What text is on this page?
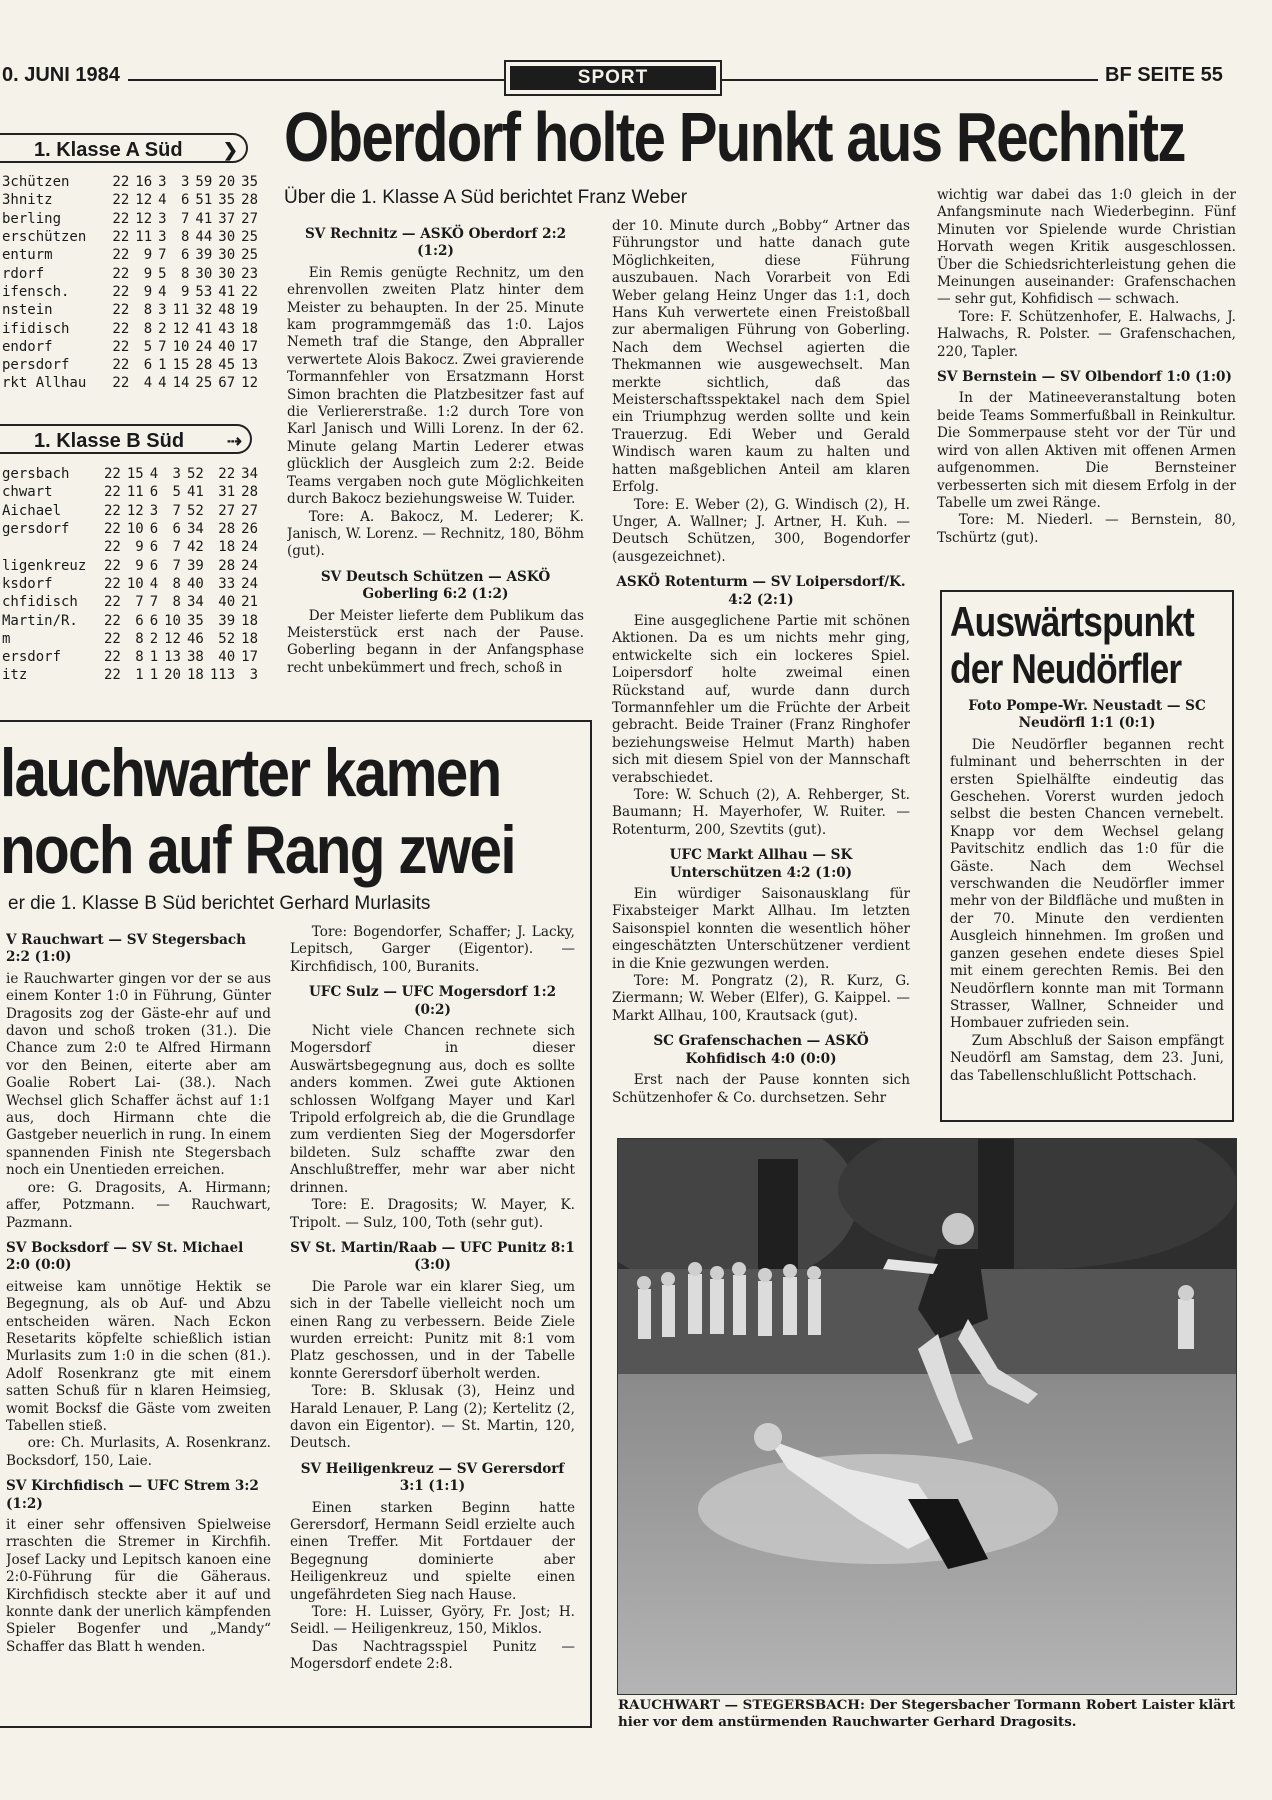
0. JUNI 1984	SPORT	BF SEITE 55
1. Klasse A Süd ❯
3chützen	22	16	3	3	59	20	35
3hnitz	22	12	4	6	51	35	28
berling	22	12	3	7	41	37	27
erschützen	22	11	3	8	44	30	25
enturm	22	9	7	6	39	30	25
rdorf	22	9	5	8	30	30	23
ifensch.	22	9	4	9	53	41	22
nstein	22	8	3	11	32	48	19
ifidisch	22	8	2	12	41	43	18
endorf	22	5	7	10	24	40	17
persdorf	22	6	1	15	28	45	13
rkt Allhau	22	4	4	14	25	67	12
1. Klasse B Süd ⇢
gersbach	22	15	4	3	52	22	34
chwart	22	11	6	5	41	31	28
Aichael	22	12	3	7	52	27	27
gersdorf	22	10	6	6	34	28	26
	22	9	6	7	42	18	24
ligenkreuz	22	9	6	7	39	28	24
ksdorf	22	10	4	8	40	33	24
chfidisch	22	7	7	8	34	40	21
Martin/R.	22	6	6	10	35	39	18
m	22	8	2	12	46	52	18
ersdorf	22	8	1	13	38	40	17
itz	22	1	1	20	18	113	3
Oberdorf holte Punkt aus Rechnitz
Über die 1. Klasse A Süd berichtet Franz Weber

SV Rechnitz — ASKÖ Oberdorf 2:2 (1:2)

Ein Remis genügte Rechnitz, um den ehrenvollen zweiten Platz hinter dem Meister zu behaupten. In der 25. Minute kam programmgemäß das 1:0. Lajos Nemeth traf die Stange, den Abpraller verwertete Alois Bakocz. Zwei gravierende Tormannfehler von Ersatzmann Horst Simon brachten die Platzbesitzer fast auf die Verliererstraße. 1:2 durch Tore von Karl Janisch und Willi Lorenz. In der 62. Minute gelang Martin Lederer etwas glücklich der Ausgleich zum 2:2. Beide Teams vergaben noch gute Möglichkeiten durch Bakocz beziehungsweise W. Tuider.

Tore: A. Bakocz, M. Lederer; K. Janisch, W. Lorenz. — Rechnitz, 180, Böhm (gut).

SV Deutsch Schützen — ASKÖ Goberling 6:2 (1:2)

Der Meister lieferte dem Publikum das Meisterstück erst nach der Pause. Goberling begann in der Anfangsphase recht unbekümmert und frech, schoß in

der 10. Minute durch „Bobby“ Artner das Führungstor und hatte danach gute Möglichkeiten, diese Führung auszubauen. Nach Vorarbeit von Edi Weber gelang Heinz Unger das 1:1, doch Hans Kuh verwertete einen Freistoßball zur abermaligen Führung von Goberling. Nach dem Wechsel agierten die Thekmannen wie ausgewechselt. Man merkte sichtlich, daß das Meisterschaftsspektakel nach dem Spiel ein Triumphzug werden sollte und kein Trauerzug. Edi Weber und Gerald Windisch waren kaum zu halten und hatten maßgeblichen Anteil am klaren Erfolg.

Tore: E. Weber (2), G. Windisch (2), H. Unger, A. Wallner; J. Artner, H. Kuh. — Deutsch Schützen, 300, Bogendorfer (ausgezeichnet).

ASKÖ Rotenturm — SV Loipersdorf/K. 4:2 (2:1)

Eine ausgeglichene Partie mit schönen Aktionen. Da es um nichts mehr ging, entwickelte sich ein lockeres Spiel. Loipersdorf holte zweimal einen Rückstand auf, wurde dann durch Tormannfehler um die Früchte der Arbeit gebracht. Beide Trainer (Franz Ringhofer beziehungsweise Helmut Marth) haben sich mit diesem Spiel von der Mannschaft verabschiedet.

Tore: W. Schuch (2), A. Rehberger, St. Baumann; H. Mayerhofer, W. Ruiter. — Rotenturm, 200, Szevtits (gut).

UFC Markt Allhau — SK Unterschützen 4:2 (1:0)

Ein würdiger Saisonausklang für Fixabsteiger Markt Allhau. Im letzten Saisonspiel konnten die wesentlich höher eingeschätzten Unterschützener verdient in die Knie gezwungen werden.

Tore: M. Pongratz (2), R. Kurz, G. Ziermann; W. Weber (Elfer), G. Kaippel. — Markt Allhau, 100, Krautsack (gut).

SC Grafenschachen — ASKÖ Kohfidisch 4:0 (0:0)

Erst nach der Pause konnten sich Schützenhofer & Co. durchsetzen. Sehr

wichtig war dabei das 1:0 gleich in der Anfangsminute nach Wiederbeginn. Fünf Minuten vor Spielende wurde Christian Horvath wegen Kritik ausgeschlossen. Über die Schiedsrichterleistung gehen die Meinungen auseinander: Grafenschachen — sehr gut, Kohfidisch — schwach.

Tore: F. Schützenhofer, E. Halwachs, J. Halwachs, R. Polster. — Grafenschachen, 220, Tapler.

SV Bernstein — SV Olbendorf 1:0 (1:0)

In der Matineeveranstaltung boten beide Teams Sommerfußball in Reinkultur. Die Sommerpause steht vor der Tür und wird von allen Aktiven mit offenen Armen aufgenommen. Die Bernsteiner verbesserten sich mit diesem Erfolg in der Tabelle um zwei Ränge.

Tore: M. Niederl. — Bernstein, 80, Tschürtz (gut).

lauchwarter kamen
noch auf Rang zwei
er die 1. Klasse B Süd berichtet Gerhard Murlasits

V Rauchwart — SV Stegersbach 2:2 (1:0)

ie Rauchwarter gingen vor der se aus einem Konter 1:0 in Führung, Günter Dragosits zog der Gäste-ehr auf und davon und schoß troken (31.). Die Chance zum 2:0 te Alfred Hirmann vor den Beinen, eiterte aber am Goalie Robert Lai- (38.). Nach Wechsel glich Schaffer ächst auf 1:1 aus, doch Hirmann chte die Gastgeber neuerlich in rung. In einem spannenden Finish nte Stegersbach noch ein Unentieden erreichen.

ore: G. Dragosits, A. Hirmann; affer, Potzmann. — Rauchwart, Pazmann.

SV Bocksdorf — SV St. Michael 2:0 (0:0)

eitweise kam unnötige Hektik se Begegnung, als ob Auf- und Abzu entscheiden wären. Nach Eckon Resetarits köpfelte schießlich istian Murlasits zum 1:0 in die schen (81.). Adolf Rosenkranz gte mit einem satten Schuß für n klaren Heimsieg, womit Bocksf die Gäste vom zweiten Tabellen stieß.

ore: Ch. Murlasits, A. Rosenkranz. Bocksdorf, 150, Laie.

SV Kirchfidisch — UFC Strem 3:2 (1:2)

it einer sehr offensiven Spielweise rraschten die Stremer in Kirchfih. Josef Lacky und Lepitsch kanoen eine 2:0-Führung für die Gäheraus. Kirchfidisch steckte aber it auf und konnte dank der unerlich kämpfenden Spieler Bogenfer und „Mandy“ Schaffer das Blatt h wenden.

Tore: Bogendorfer, Schaffer; J. Lacky, Lepitsch, Garger (Eigentor). — Kirchfidisch, 100, Buranits.

UFC Sulz — UFC Mogersdorf 1:2 (0:2)

Nicht viele Chancen rechnete sich Mogersdorf in dieser Auswärtsbegegnung aus, doch es sollte anders kommen. Zwei gute Aktionen schlossen Wolfgang Mayer und Karl Tripold erfolgreich ab, die die Grundlage zum verdienten Sieg der Mogersdorfer bildeten. Sulz schaffte zwar den Anschlußtreffer, mehr war aber nicht drinnen.

Tore: E. Dragosits; W. Mayer, K. Tripolt. — Sulz, 100, Toth (sehr gut).

SV St. Martin/Raab — UFC Punitz 8:1 (3:0)

Die Parole war ein klarer Sieg, um sich in der Tabelle vielleicht noch um einen Rang zu verbessern. Beide Ziele wurden erreicht: Punitz mit 8:1 vom Platz geschossen, und in der Tabelle konnte Gerersdorf überholt werden.

Tore: B. Sklusak (3), Heinz und Harald Lenauer, P. Lang (2); Kertelitz (2, davon ein Eigentor). — St. Martin, 120, Deutsch.

SV Heiligenkreuz — SV Gerersdorf 3:1 (1:1)

Einen starken Beginn hatte Gerersdorf, Hermann Seidl erzielte auch einen Treffer. Mit Fortdauer der Begegnung dominierte aber Heiligenkreuz und spielte einen ungefährdeten Sieg nach Hause.

Tore: H. Luisser, Györy, Fr. Jost; H. Seidl. — Heiligenkreuz, 150, Miklos.

Das Nachtragsspiel Punitz — Mogersdorf endete 2:8.

Auswärtspunkt
der Neudörfler

Foto Pompe-Wr. Neustadt — SC Neudörfl 1:1 (0:1)

Die Neudörfler begannen recht fulminant und beherrschten in der ersten Spielhälfte eindeutig das Geschehen. Vorerst wurden jedoch selbst die besten Chancen vernebelt. Knapp vor dem Wechsel gelang Pavitschitz endlich das 1:0 für die Gäste. Nach dem Wechsel verschwanden die Neudörfler immer mehr von der Bildfläche und mußten in der 70. Minute den verdienten Ausgleich hinnehmen. Im großen und ganzen gesehen endete dieses Spiel mit einem gerechten Remis. Bei den Neudörflern konnte man mit Tormann Strasser, Wallner, Schneider und Hombauer zufrieden sein.

Zum Abschluß der Saison empfängt Neudörfl am Samstag, dem 23. Juni, das Tabellenschlußlicht Pottschach.

RAUCHWART — STEGERSBACH: Der Stegersbacher Tormann Robert Laister klärt hier vor dem anstürmenden Rauchwarter Gerhard Dragosits.
